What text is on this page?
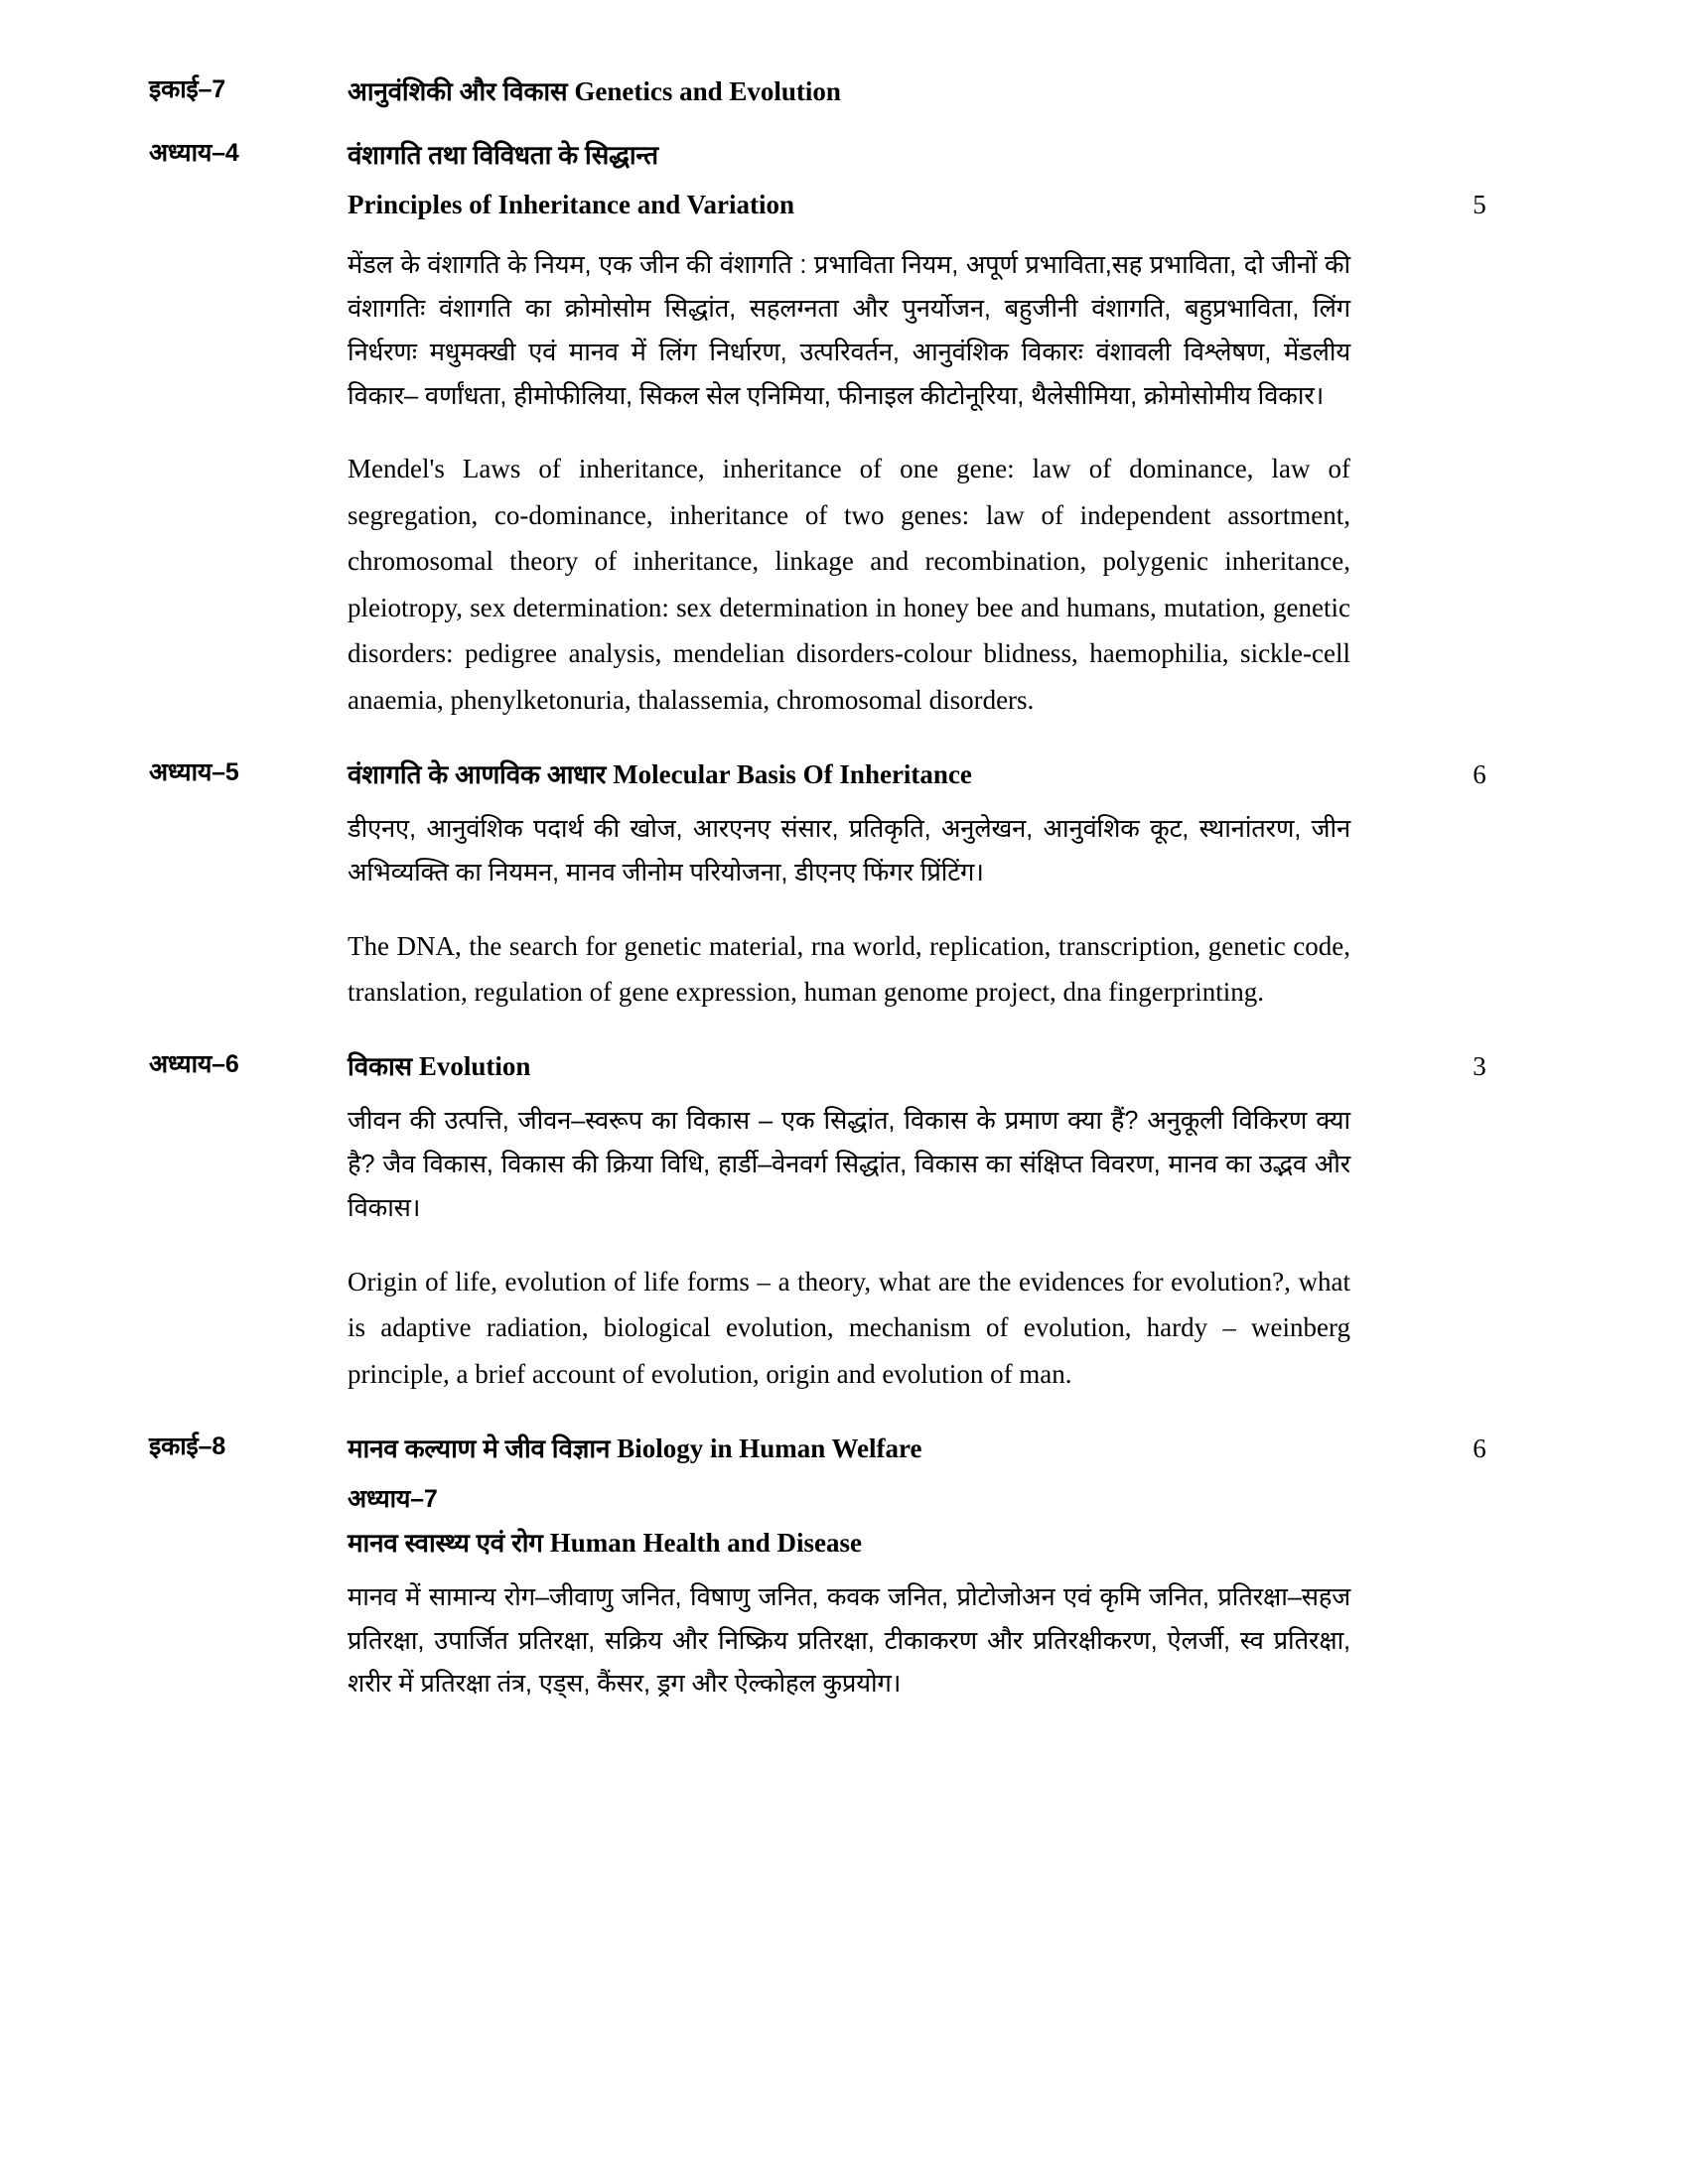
इकाई–7	आनुवंशिकी और विकास Genetics and Evolution
अध्याय–4	वंशागति तथा विविधता के सिद्धान्त
Principles of Inheritance and Variation	5

मेंडल के वंशागति के नियम, एक जीन की वंशागति : प्रभाविता नियम, अपूर्ण प्रभाविता,सह प्रभाविता, दो जीनों की वंशागतिः वंशागति का क्रोमोसोम सिद्धांत, सहलग्नता और पुनर्योजन, बहुजीनी वंशागति, बहुप्रभाविता, लिंग निर्धरणः मधुमक्खी एवं मानव में लिंग निर्धारण, उत्परिवर्तन, आनुवंशिक विकारः वंशावली विश्लेषण, मेंडलीय विकार– वर्णांधता, हीमोफीलिया, सिकल सेल एनिमिया, फीनाइल कीटोनूरिया, थैलेसीमिया, क्रोमोसोमीय विकार।

Mendel's Laws of inheritance, inheritance of one gene: law of dominance, law of segregation, co-dominance, inheritance of two genes: law of independent assortment, chromosomal theory of inheritance, linkage and recombination, polygenic inheritance, pleiotropy, sex determination: sex determination in honey bee and humans, mutation, genetic disorders: pedigree analysis, mendelian disorders-colour blidness, haemophilia, sickle-cell anaemia, phenylketonuria, thalassemia, chromosomal disorders.

अध्याय–5	वंशागति के आणविक आधार Molecular Basis Of Inheritance	6

डीएनए, आनुवंशिक पदार्थ की खोज, आरएनए संसार, प्रतिकृति, अनुलेखन, आनुवंशिक कूट, स्थानांतरण, जीन अभिव्यक्ति का नियमन, मानव जीनोम परियोजना, डीएनए फिंगर प्रिंटिंग।

The DNA, the search for genetic material, rna world, replication, transcription, genetic code, translation, regulation of gene expression, human genome project, dna fingerprinting.

अध्याय–6	विकास Evolution	3

जीवन की उत्पत्ति, जीवन–स्वरूप का विकास – एक सिद्धांत, विकास के प्रमाण क्या हैं? अनुकूली विकिरण क्या है? जैव विकास, विकास की क्रिया विधि, हार्डी–वेनवर्ग सिद्धांत, विकास का संक्षिप्त विवरण, मानव का उद्भव और विकास।

Origin of life, evolution of life forms – a theory, what are the evidences for evolution?, what is adaptive radiation, biological evolution, mechanism of evolution, hardy – weinberg principle, a brief account of evolution, origin and evolution of man.

इकाई–8	मानव कल्याण मे जीव विज्ञान Biology in Human Welfare	6
अध्याय–7
मानव स्वास्थ्य एवं रोग Human Health and Disease

मानव में सामान्य रोग–जीवाणु जनित, विषाणु जनित, कवक जनित, प्रोटोजोअन एवं कृमि जनित, प्रतिरक्षा–सहज प्रतिरक्षा, उपार्जित प्रतिरक्षा, सक्रिय और निष्क्रिय प्रतिरक्षा, टीकाकरण और प्रतिरक्षीकरण, ऐलर्जी, स्व प्रतिरक्षा, शरीर में प्रतिरक्षा तंत्र, एड्स, कैंसर, ड्रग और ऐल्कोहल कुप्रयोग।
